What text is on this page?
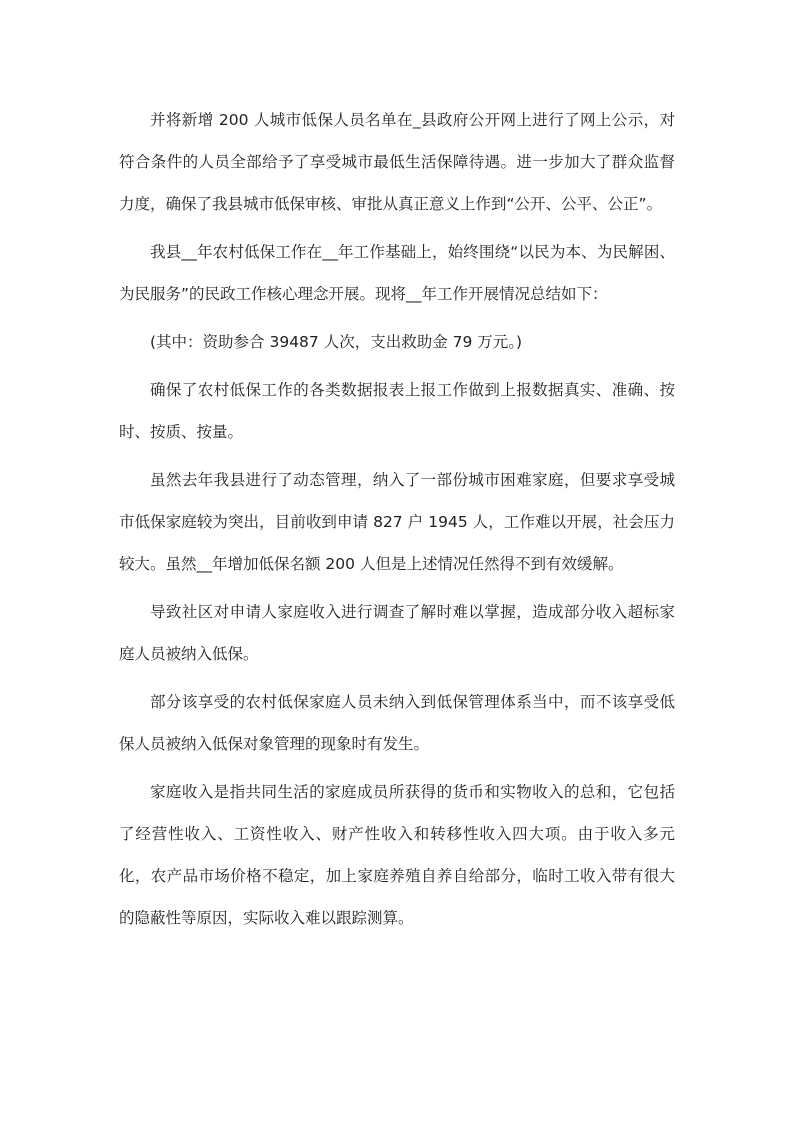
并将新增 200 人城市低保人员名单在_县政府公开网上进行了网上公示，对符合条件的人员全部给予了享受城市最低生活保障待遇。进一步加大了群众监督力度，确保了我县城市低保审核、审批从真正意义上作到“公开、公平、公正”。

我县__年农村低保工作在__年工作基础上，始终围绕“以民为本、为民解困、为民服务”的民政工作核心理念开展。现将__年工作开展情况总结如下：

(其中：资助参合 39487 人次，支出救助金 79 万元。)

确保了农村低保工作的各类数据报表上报工作做到上报数据真实、准确、按时、按质、按量。

虽然去年我县进行了动态管理，纳入了一部份城市困难家庭，但要求享受城市低保家庭较为突出，目前收到申请 827 户 1945 人，工作难以开展，社会压力较大。虽然__年增加低保名额 200 人但是上述情况任然得不到有效缓解。

导致社区对申请人家庭收入进行调查了解时难以掌握，造成部分收入超标家庭人员被纳入低保。

部分该享受的农村低保家庭人员未纳入到低保管理体系当中，而不该享受低保人员被纳入低保对象管理的现象时有发生。

家庭收入是指共同生活的家庭成员所获得的货币和实物收入的总和，它包括了经营性收入、工资性收入、财产性收入和转移性收入四大项。由于收入多元化，农产品市场价格不稳定，加上家庭养殖自养自给部分，临时工收入带有很大的隐蔽性等原因，实际收入难以跟踪测算。
